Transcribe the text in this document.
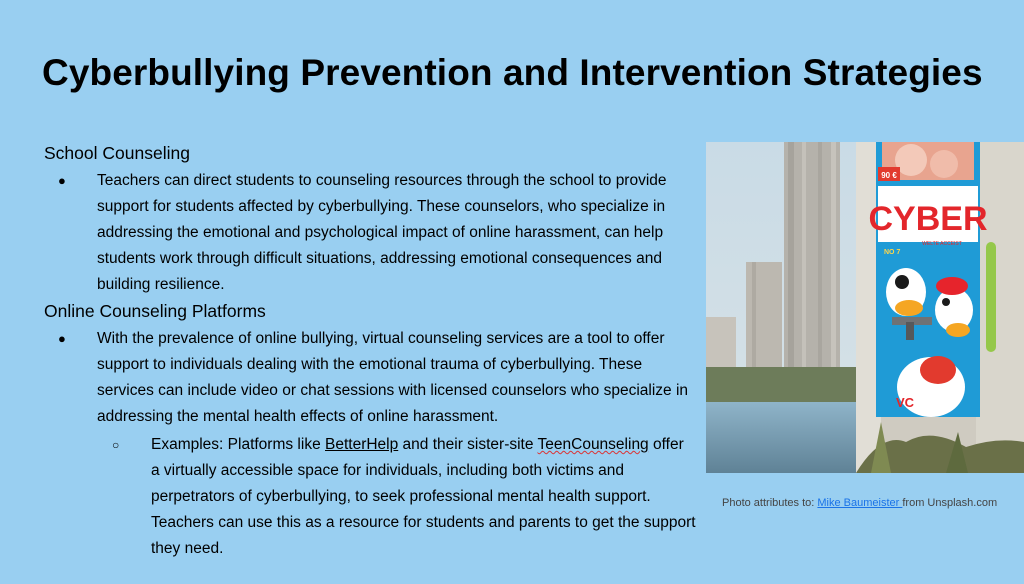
Cyberbullying Prevention and Intervention Strategies

School Counseling

● Teachers can direct students to counseling resources through the school to provide support for students affected by cyberbullying. These counselors, who specialize in addressing the emotional and psychological impact of online harassment, can help students work through difficult situations, addressing emotional consequences and building resilience.

Online Counseling Platforms

● With the prevalence of online bullying, virtual counseling services are a tool to offer support to individuals dealing with the emotional trauma of cyberbullying. These services can include video or chat sessions with licensed counselors who specialize in addressing the mental health effects of online harassment.
○ Examples: Platforms like BetterHelp and their sister-site TeenCounseling offer a virtually accessible space for individuals, including both victims and perpetrators of cyberbullying, to seek professional mental health support. Teachers can use this as a resource for students and parents to get the support they need.
90 €
CYBER
WELTE ACCEIST
NO 7
VC
Photo attributes to: Mike Baumeister from Unsplash.com
